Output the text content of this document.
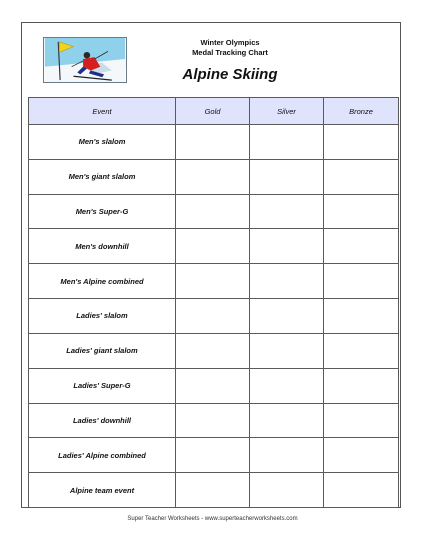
Winter Olympics
Medal Tracking Chart
Alpine Skiing
Event	Gold	Silver	Bronze
Men's slalom			
Men's giant slalom			
Men's Super-G			
Men's downhill			
Men's Alpine combined			
Ladies' slalom			
Ladies' giant slalom			
Ladies' Super-G			
Ladies' downhill			
Ladies' Alpine combined			
Alpine team event			
Super Teacher Worksheets - www.superteacherworksheets.com
